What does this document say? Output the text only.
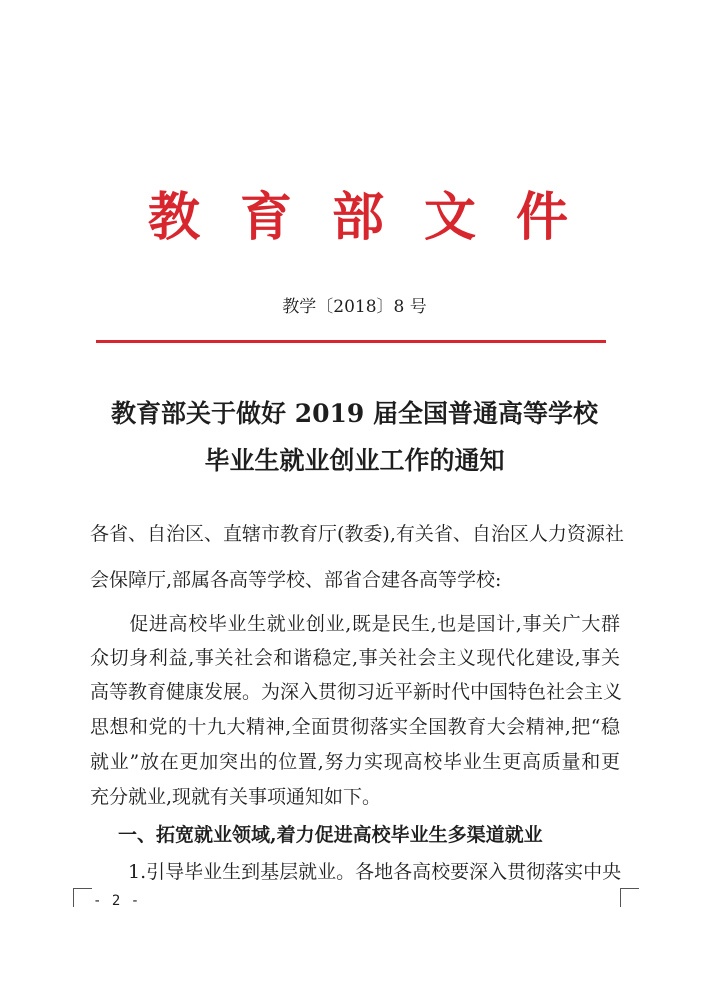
教 育 部 文 件
教学〔2018〕8 号
教育部关于做好 2019 届全国普通高等学校
毕业生就业创业工作的通知
各省、自治区、直辖市教育厅(教委),有关省、自治区人力资源社
会保障厅,部属各高等学校、部省合建各高等学校:
　　促进高校毕业生就业创业,既是民生,也是国计,事关广大群
众切身利益,事关社会和谐稳定,事关社会主义现代化建设,事关
高等教育健康发展。为深入贯彻习近平新时代中国特色社会主义
思想和党的十九大精神,全面贯彻落实全国教育大会精神,把“稳
就业”放在更加突出的位置,努力实现高校毕业生更高质量和更
充分就业,现就有关事项通知如下。
一、拓宽就业领域,着力促进高校毕业生多渠道就业
　　1.引导毕业生到基层就业。各地各高校要深入贯彻落实中央
- 2 -
